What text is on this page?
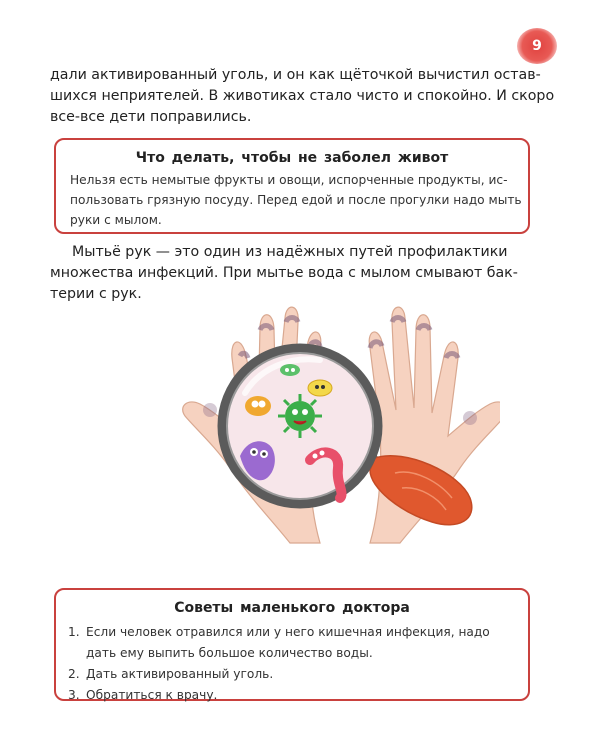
9
дали активированный уголь, и он как щёточкой вычистил остав-
шихся неприятелей. В животиках стало чисто и спокойно. И скоро
все-все дети поправились.
Что делать, чтобы не заболел живот
Нельзя есть немытые фрукты и овощи, испорченные продукты, ис-
пользовать грязную посуду. Перед едой и после прогулки надо мыть
руки с мылом.
Мытьё рук — это один из надёжных путей профилактики
множества инфекций. При мытье вода с мылом смывают бак-
терии с рук.
Советы маленького доктора
1. Если человек отравился или у него кишечная инфекция, надо
дать ему выпить большое количество воды.
2. Дать активированный уголь.
3. Обратиться к врачу.
